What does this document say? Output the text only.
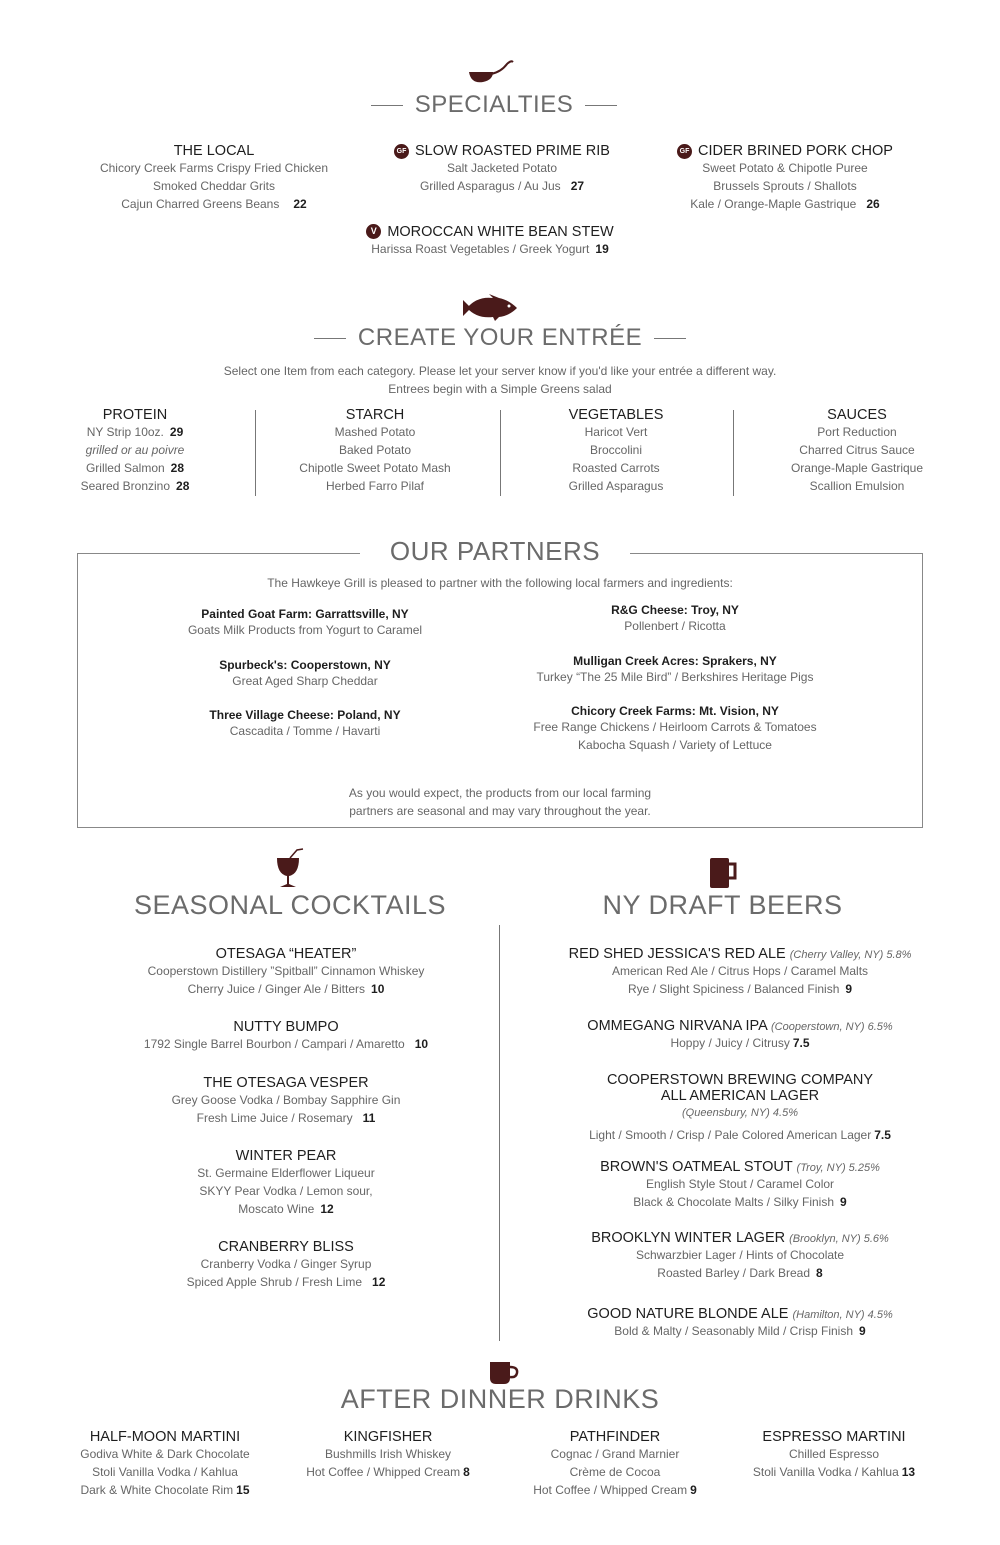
SPECIALTIES
THE LOCAL
Chicory Creek Farms Crispy Fried Chicken
Smoked Cheddar Grits
Cajun Charred Greens Beans 22
GF SLOW ROASTED PRIME RIB
Salt Jacketed Potato
Grilled Asparagus / Au Jus 27
GF CIDER BRINED PORK CHOP
Sweet Potato & Chipotle Puree
Brussels Sprouts / Shallots
Kale / Orange-Maple Gastrique 26
V MOROCCAN WHITE BEAN STEW
Harissa Roast Vegetables / Greek Yogurt 19
CREATE YOUR ENTRÉE
Select one Item from each category. Please let your server know if you'd like your entrée a different way.
Entrees begin with a Simple Greens salad
PROTEIN
NY Strip 10oz. 29
grilled or au poivre
Grilled Salmon 28
Seared Bronzino 28
STARCH
Mashed Potato
Baked Potato
Chipotle Sweet Potato Mash
Herbed Farro Pilaf
VEGETABLES
Haricot Vert
Broccolini
Roasted Carrots
Grilled Asparagus
SAUCES
Port Reduction
Charred Citrus Sauce
Orange-Maple Gastrique
Scallion Emulsion
OUR PARTNERS
The Hawkeye Grill is pleased to partner with the following local farmers and ingredients:
Painted Goat Farm: Garrattsville, NY
Goats Milk Products from Yogurt to Caramel
Spurbeck's: Cooperstown, NY
Great Aged Sharp Cheddar
Three Village Cheese: Poland, NY
Cascadita / Tomme / Havarti
R&G Cheese: Troy, NY
Pollenbert / Ricotta
Mulligan Creek Acres: Sprakers, NY
Turkey “The 25 Mile Bird” / Berkshires Heritage Pigs
Chicory Creek Farms: Mt. Vision, NY
Free Range Chickens / Heirloom Carrots & Tomatoes
Kabocha Squash / Variety of Lettuce
As you would expect, the products from our local farming
partners are seasonal and may vary throughout the year.
SEASONAL COCKTAILS
OTESAGA “HEATER”
Cooperstown Distillery ”Spitball” Cinnamon Whiskey
Cherry Juice / Ginger Ale / Bitters 10
NUTTY BUMPO
1792 Single Barrel Bourbon / Campari / Amaretto 10
THE OTESAGA VESPER
Grey Goose Vodka / Bombay Sapphire Gin
Fresh Lime Juice / Rosemary 11
WINTER PEAR
St. Germaine Elderflower Liqueur
SKYY Pear Vodka / Lemon sour,
Moscato Wine 12
CRANBERRY BLISS
Cranberry Vodka / Ginger Syrup
Spiced Apple Shrub / Fresh Lime 12
NY DRAFT BEERS
RED SHED JESSICA'S RED ALE (Cherry Valley, NY) 5.8%
American Red Ale / Citrus Hops / Caramel Malts
Rye / Slight Spiciness / Balanced Finish 9
OMMEGANG NIRVANA IPA (Cooperstown, NY) 6.5%
Hoppy / Juicy / Citrusy 7.5
COOPERSTOWN BREWING COMPANY
ALL AMERICAN LAGER
(Queensbury, NY) 4.5%
Light / Smooth / Crisp / Pale Colored American Lager 7.5
BROWN'S OATMEAL STOUT (Troy, NY) 5.25%
English Style Stout / Caramel Color
Black & Chocolate Malts / Silky Finish 9
BROOKLYN WINTER LAGER (Brooklyn, NY) 5.6%
Schwarzbier Lager / Hints of Chocolate
Roasted Barley / Dark Bread 8
GOOD NATURE BLONDE ALE (Hamilton, NY) 4.5%
Bold & Malty / Seasonably Mild / Crisp Finish 9
AFTER DINNER DRINKS
HALF-MOON MARTINI
Godiva White & Dark Chocolate
Stoli Vanilla Vodka / Kahlua
Dark & White Chocolate Rim 15
KINGFISHER
Bushmills Irish Whiskey
Hot Coffee / Whipped Cream 8
PATHFINDER
Cognac / Grand Marnier
Crème de Cocoa
Hot Coffee / Whipped Cream 9
ESPRESSO MARTINI
Chilled Espresso
Stoli Vanilla Vodka / Kahlua 13
